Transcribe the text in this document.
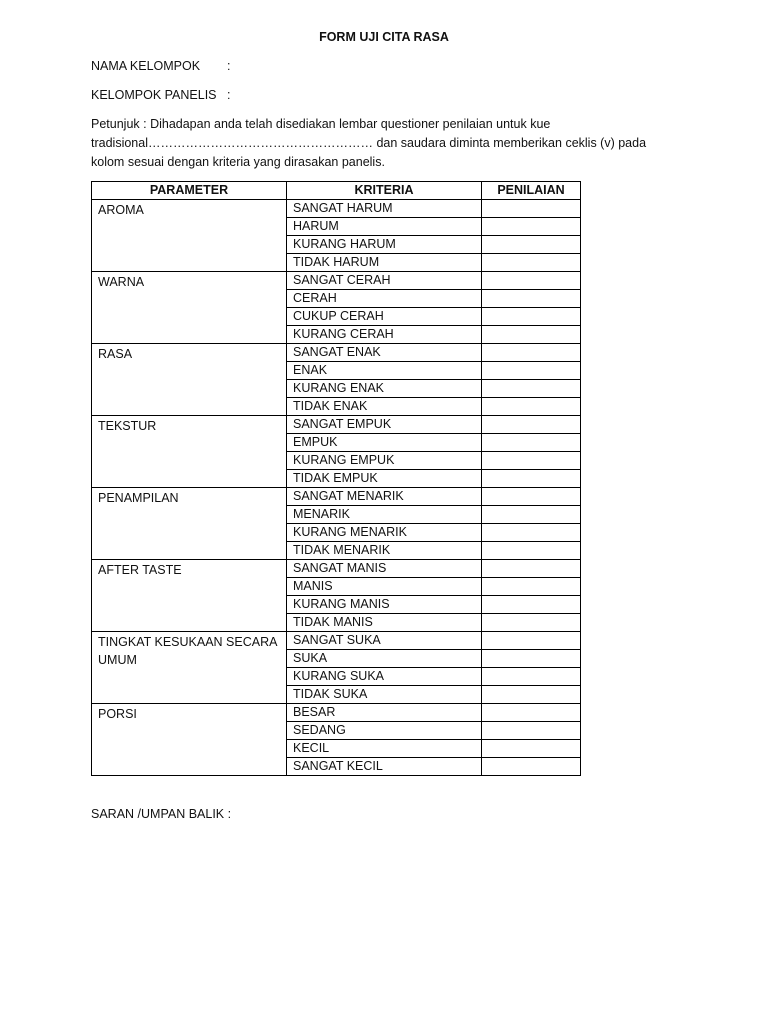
FORM UJI CITA RASA
NAMA KELOMPOK :
KELOMPOK PANELIS :
Petunjuk : Dihadapan anda telah disediakan lembar questioner penilaian untuk kue tradisional……………………………………………… dan saudara diminta memberikan ceklis (v) pada kolom sesuai dengan kriteria yang dirasakan panelis.
PARAMETER	KRITERIA	PENILAIAN
AROMA	SANGAT HARUM	
	HARUM	
	KURANG HARUM	
	TIDAK HARUM	
WARNA	SANGAT CERAH	
	CERAH	
	CUKUP CERAH	
	KURANG CERAH	
RASA	SANGAT ENAK	
	ENAK	
	KURANG ENAK	
	TIDAK ENAK	
TEKSTUR	SANGAT EMPUK	
	EMPUK	
	KURANG EMPUK	
	TIDAK EMPUK	
PENAMPILAN	SANGAT MENARIK	
	MENARIK	
	KURANG MENARIK	
	TIDAK MENARIK	
AFTER TASTE	SANGAT MANIS	
	MANIS	
	KURANG MANIS	
	TIDAK MANIS	
TINGKAT KESUKAAN SECARA UMUM	SANGAT SUKA	
	SUKA	
	KURANG SUKA	
	TIDAK SUKA	
PORSI	BESAR	
	SEDANG	
	KECIL	
	SANGAT KECIL	
SARAN /UMPAN BALIK :
